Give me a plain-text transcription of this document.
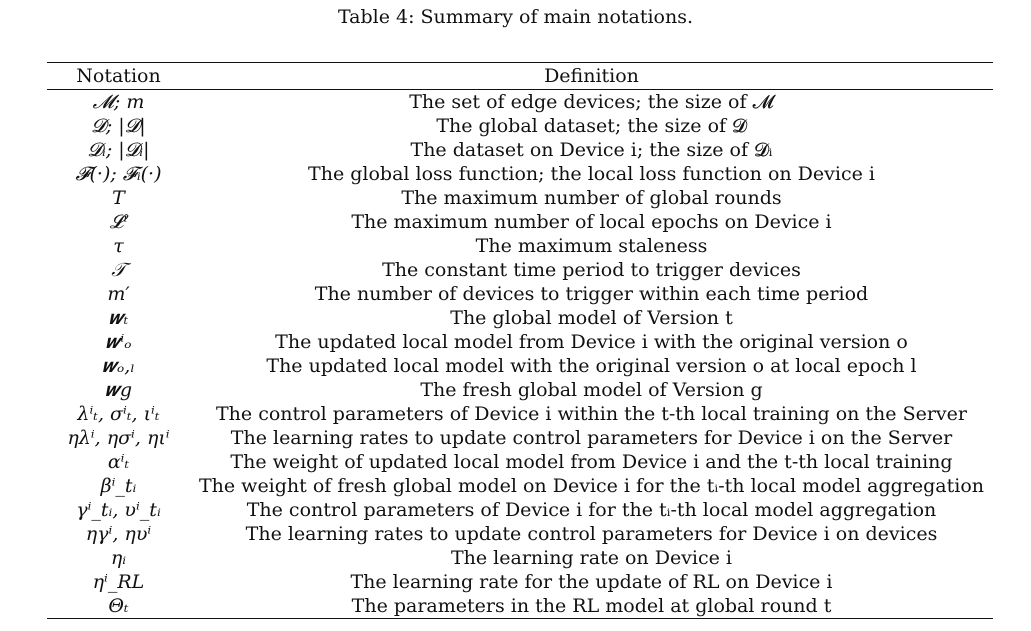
Table 4: Summary of main notations.
Notation	Definition
𝓜; m	The set of edge devices; the size of 𝓜
𝓓; |𝓓|	The global dataset; the size of 𝓓
𝓓ᵢ; |𝓓ᵢ|	The dataset on Device i; the size of 𝓓ᵢ
𝓕(·); 𝓕ᵢ(·)	The global loss function; the local loss function on Device i
T	The maximum number of global rounds
𝓛ⁱ	The maximum number of local epochs on Device i
τ	The maximum staleness
𝒯	The constant time period to trigger devices
m′	The number of devices to trigger within each time period
𝒘ₜ	The global model of Version t
𝒘ⁱₒ	The updated local model from Device i with the original version o
𝒘ₒ,ₗ	The updated local model with the original version o at local epoch l
𝒘g	The fresh global model of Version g
λⁱₜ, σⁱₜ, ιⁱₜ	The control parameters of Device i within the t-th local training on the Server
ηλⁱ, ησⁱ, ηιⁱ	The learning rates to update control parameters for Device i on the Server
αⁱₜ	The weight of updated local model from Device i and the t-th local training
βⁱ_tᵢ	The weight of fresh global model on Device i for the tᵢ-th local model aggregation
γⁱ_tᵢ, υⁱ_tᵢ	The control parameters of Device i for the tᵢ-th local model aggregation
ηγⁱ, ηυⁱ	The learning rates to update control parameters for Device i on devices
ηᵢ	The learning rate on Device i
ηⁱ_RL	The learning rate for the update of RL on Device i
Θₜ	The parameters in the RL model at global round t
